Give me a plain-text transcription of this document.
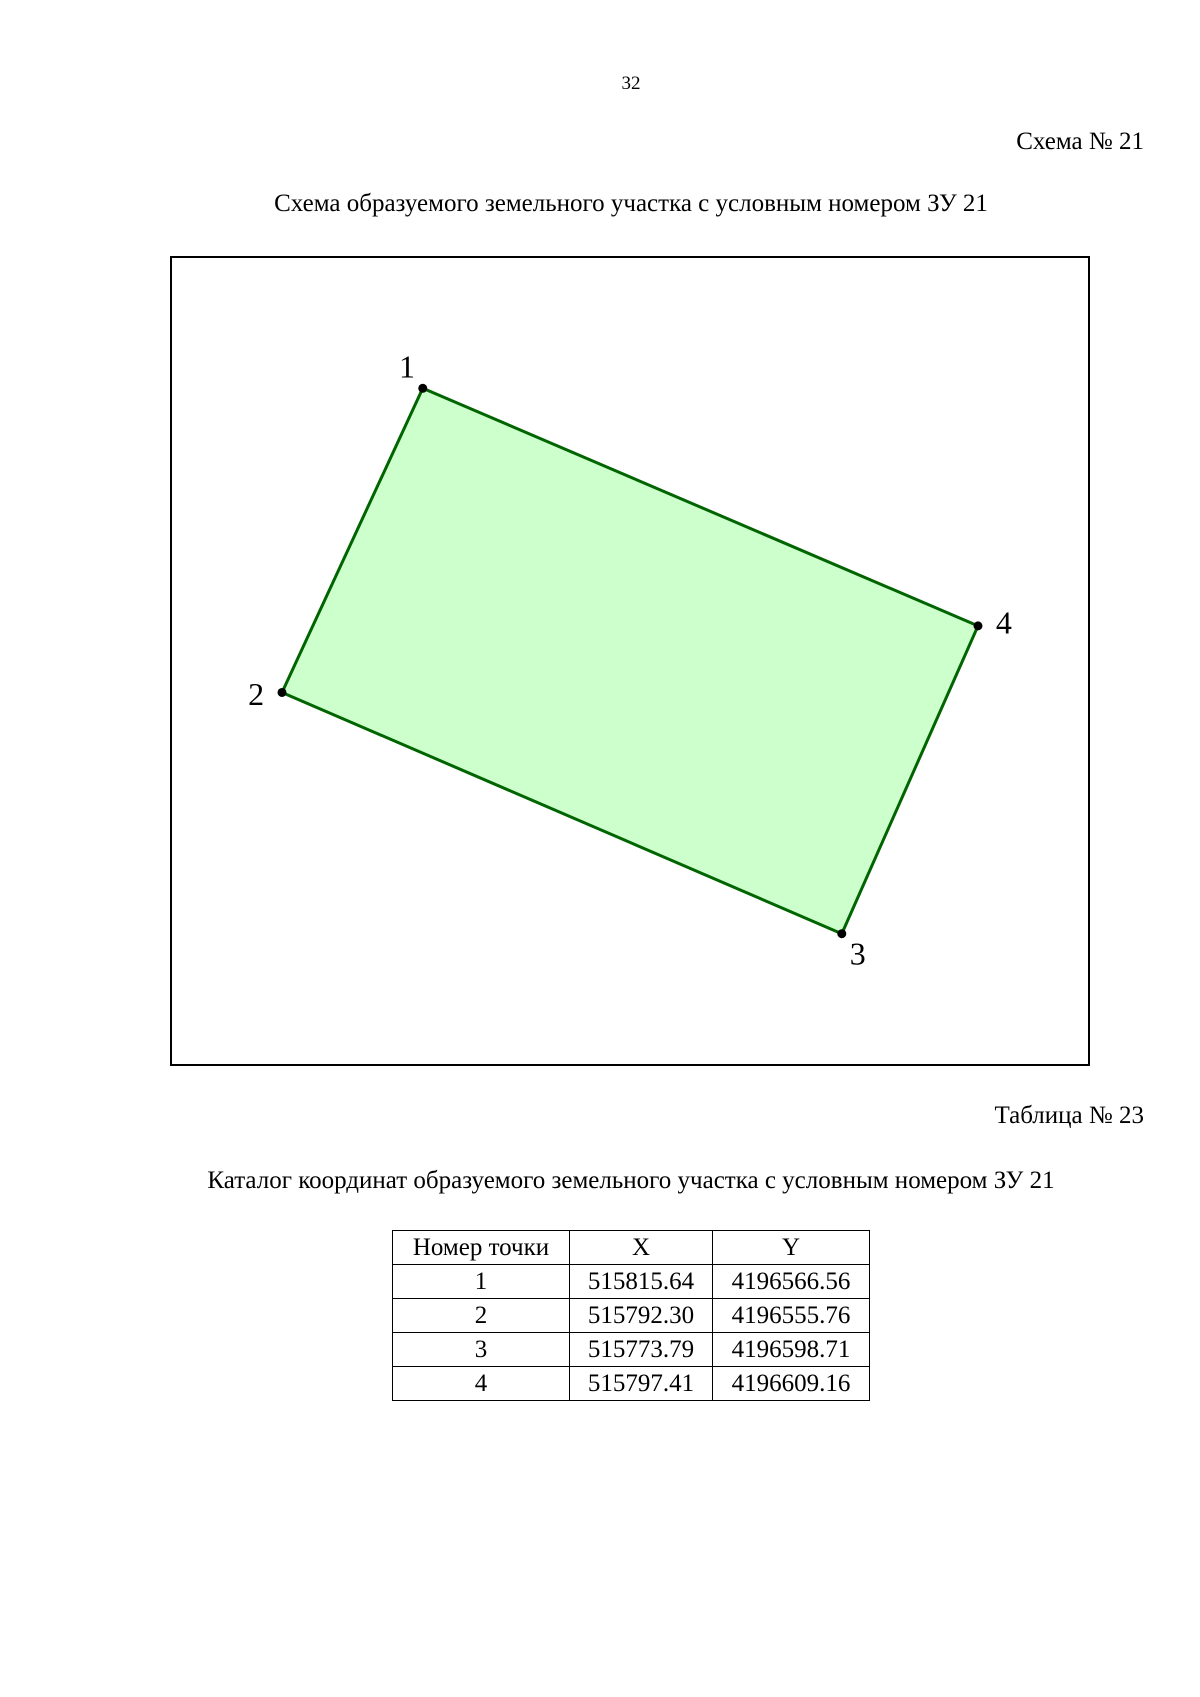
32
Схема № 21
Схема образуемого земельного участка с условным номером ЗУ 21
1
2
3
4
Таблица № 23
Каталог координат образуемого земельного участка с условным номером ЗУ 21
Номер точки	X	Y
1	515815.64	4196566.56
2	515792.30	4196555.76
3	515773.79	4196598.71
4	515797.41	4196609.16
